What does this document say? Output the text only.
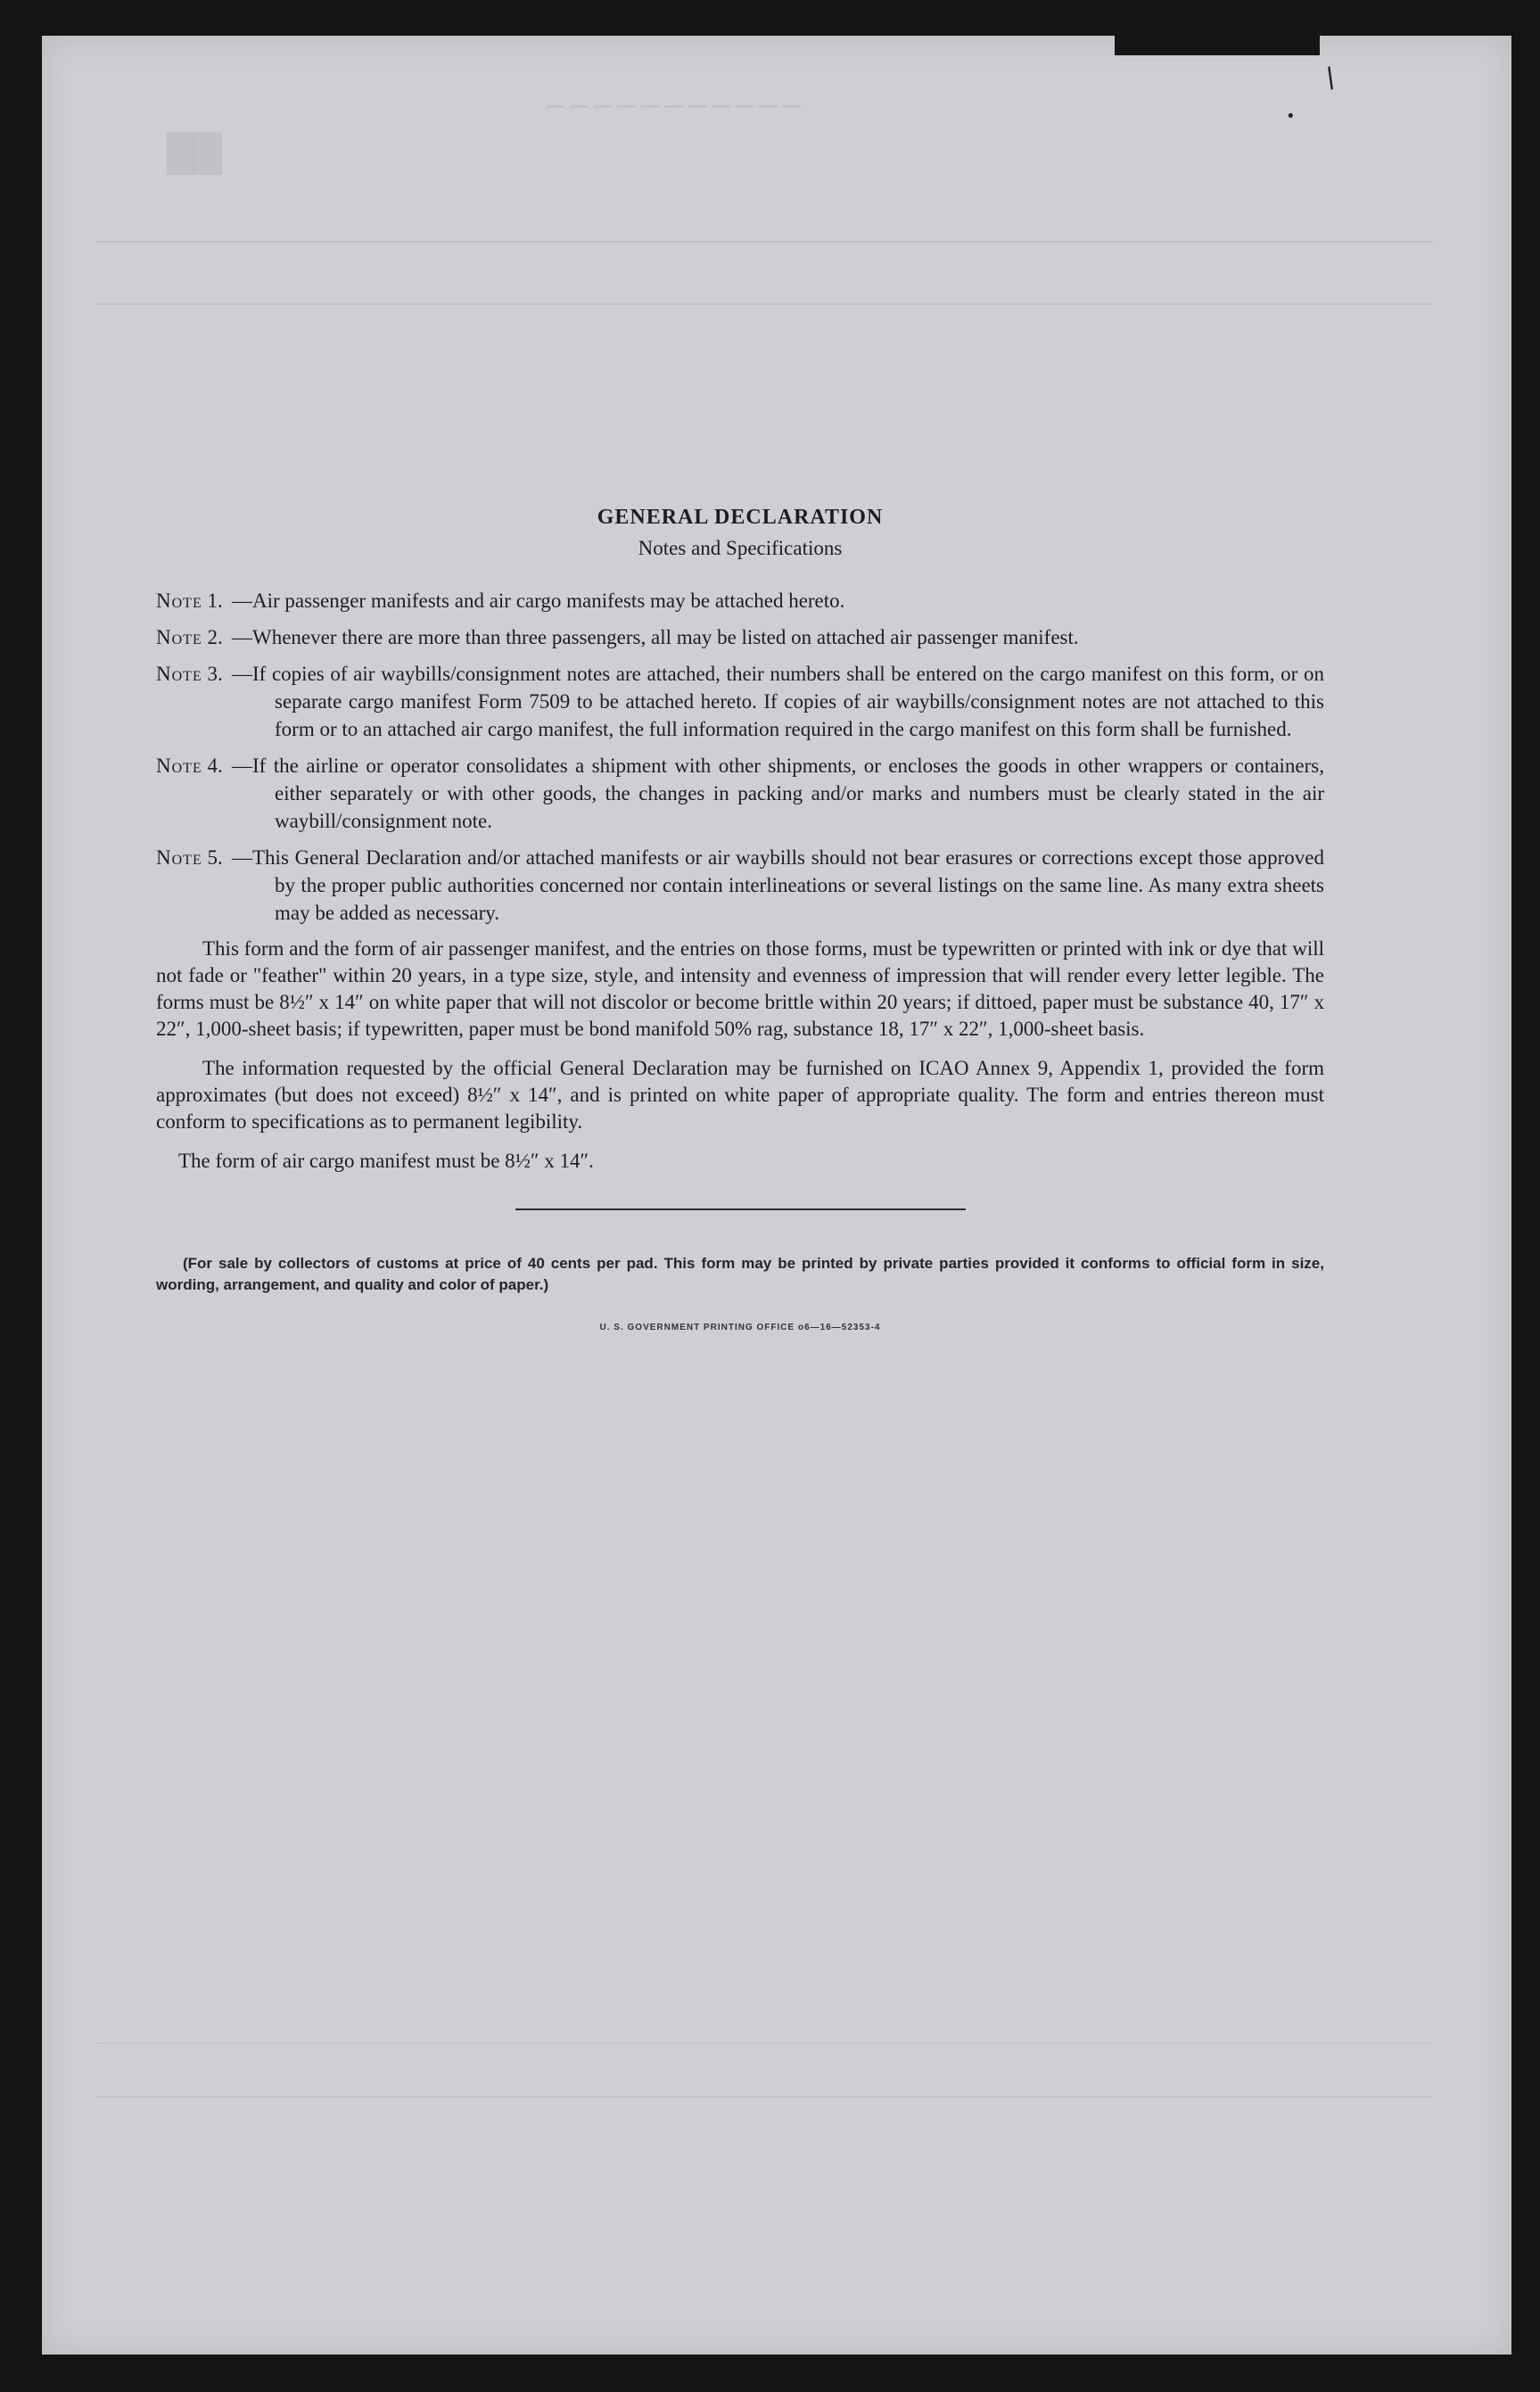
───────────
██
/
•
GENERAL DECLARATION
Notes and Specifications
Note 1. —Air passenger manifests and air cargo manifests may be attached hereto.
Note 2. —Whenever there are more than three passengers, all may be listed on attached air passenger manifest.
Note 3. —If copies of air waybills/consignment notes are attached, their numbers shall be entered on the cargo manifest on this form, or on separate cargo manifest Form 7509 to be attached hereto. If copies of air waybills/consignment notes are not attached to this form or to an attached air cargo manifest, the full information required in the cargo manifest on this form shall be furnished.
Note 4. —If the airline or operator consolidates a shipment with other shipments, or encloses the goods in other wrappers or containers, either separately or with other goods, the changes in packing and/or marks and numbers must be clearly stated in the air waybill/consignment note.
Note 5. —This General Declaration and/or attached manifests or air waybills should not bear erasures or corrections except those approved by the proper public authorities concerned nor contain interlineations or several listings on the same line. As many extra sheets may be added as necessary.

This form and the form of air passenger manifest, and the entries on those forms, must be typewritten or printed with ink or dye that will not fade or "feather" within 20 years, in a type size, style, and intensity and evenness of impression that will render every letter legible. The forms must be 8½″ x 14″ on white paper that will not discolor or become brittle within 20 years; if dittoed, paper must be substance 40, 17″ x 22″, 1,000-sheet basis; if typewritten, paper must be bond manifold 50% rag, substance 18, 17″ x 22″, 1,000-sheet basis.

The information requested by the official General Declaration may be furnished on ICAO Annex 9, Appendix 1, provided the form approximates (but does not exceed) 8½″ x 14″, and is printed on white paper of appropriate quality. The form and entries thereon must conform to specifications as to permanent legibility.

The form of air cargo manifest must be 8½″ x 14″.

(For sale by collectors of customs at price of 40 cents per pad. This form may be printed by private parties provided it conforms to official form in size, wording, arrangement, and quality and color of paper.)

U. S. GOVERNMENT PRINTING OFFICE o6—16—52353-4
